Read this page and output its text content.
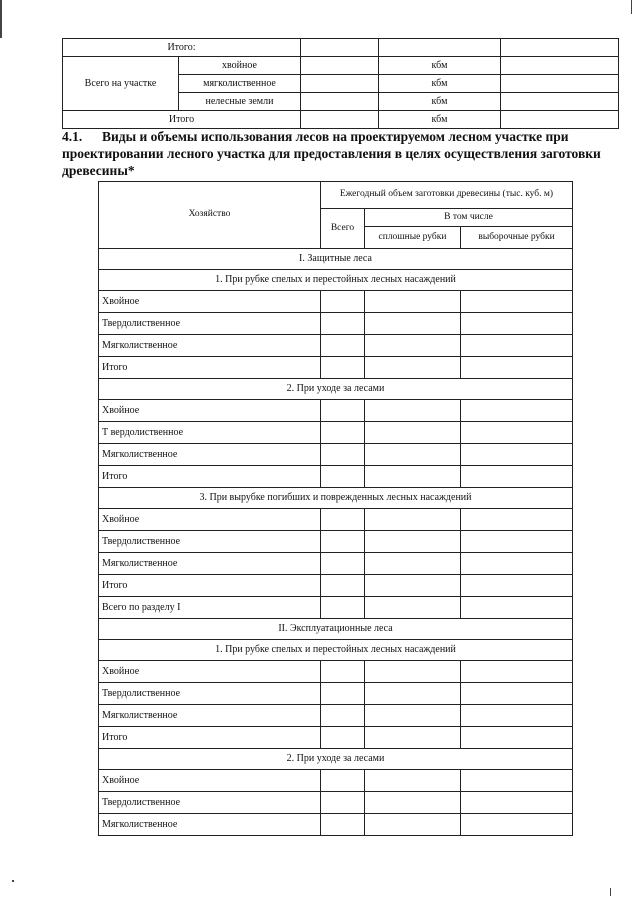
Итого:				
Всего на участке	хвойное		кбм	
	мягколиственное		кбм	
	нелесные земли		кбм	
Итого			кбм	
4.1. Виды и объемы использования лесов на проектируемом лесном участке при проектировании лесного участка для предоставления в целях осуществления заготовки древесины*
Хозяйство	Ежегодный объем заготовки древесины (тыс. куб. м)		
	Всего	В том числе	
		сплошные рубки	выборочные рубки
I. Защитные леса			
1. При рубке спелых и перестойных лесных насаждений			
Хвойное			
Твердолиственное			
Мягколиственное			
Итого			
2. При уходе за лесами			
Хвойное			
Т вердолиственное			
Мягколиственное			
Итого			
3. При вырубке погибших и поврежденных лесных насаждений			
Хвойное			
Твердолиственное			
Мягколиственное			
Итого			
Всего по разделу I			
II. Эксплуатационные леса			
1. При рубке спелых и перестойных лесных насаждений			
Хвойное			
Твердолиственное			
Мягколиственное			
Итого			
2. При уходе за лесами			
Хвойное			
Твердолиственное			
Мягколиственное			
